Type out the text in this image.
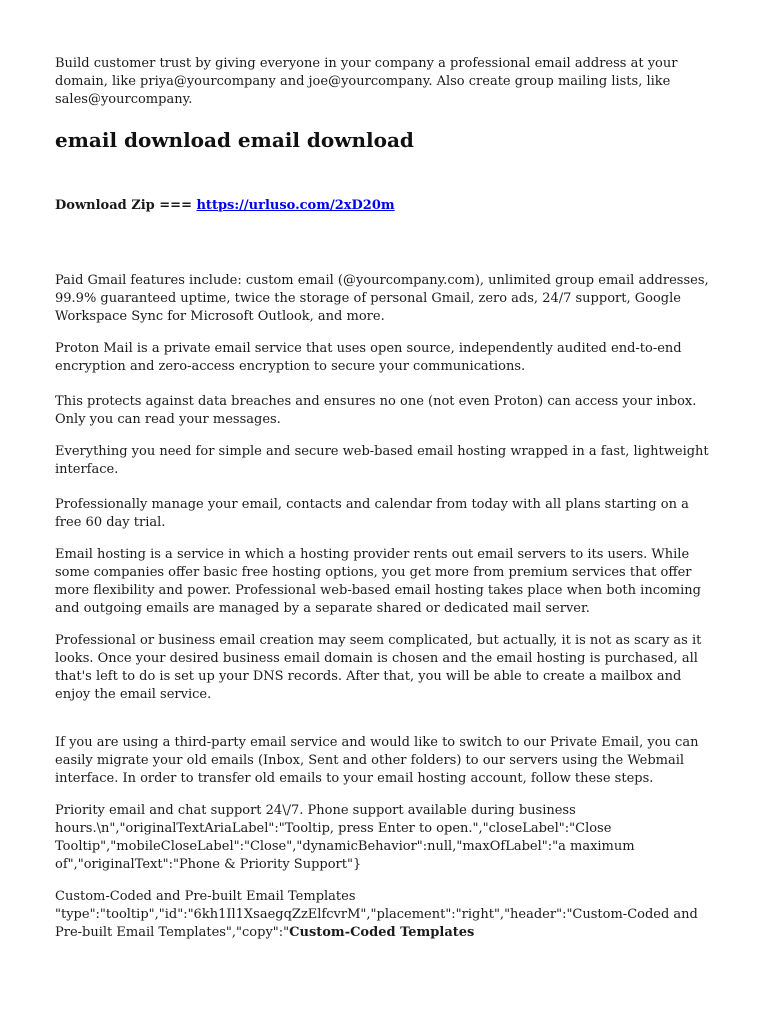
Build customer trust by giving everyone in your company a professional email address at your domain, like priya@yourcompany and joe@yourcompany. Also create group mailing lists, like sales@yourcompany.

email download email download
Download Zip === https://urluso.com/2xD20m

Paid Gmail features include: custom email (@yourcompany.com), unlimited group email addresses, 99.9% guaranteed uptime, twice the storage of personal Gmail, zero ads, 24/7 support, Google Workspace Sync for Microsoft Outlook, and more.

Proton Mail is a private email service that uses open source, independently audited end-to-end encryption and zero-access encryption to secure your communications.

This protects against data breaches and ensures no one (not even Proton) can access your inbox. Only you can read your messages.

Everything you need for simple and secure web-based email hosting wrapped in a fast, lightweight interface.

Professionally manage your email, contacts and calendar from today with all plans starting on a free 60 day trial.

Email hosting is a service in which a hosting provider rents out email servers to its users. While some companies offer basic free hosting options, you get more from premium services that offer more flexibility and power. Professional web-based email hosting takes place when both incoming and outgoing emails are managed by a separate shared or dedicated mail server.

Professional or business email creation may seem complicated, but actually, it is not as scary as it looks. Once your desired business email domain is chosen and the email hosting is purchased, all that's left to do is set up your DNS records. After that, you will be able to create a mailbox and enjoy the email service.

If you are using a third-party email service and would like to switch to our Private Email, you can easily migrate your old emails (Inbox, Sent and other folders) to our servers using the Webmail interface. In order to transfer old emails to your email hosting account, follow these steps.

Priority email and chat support 24\/7. Phone support available during business hours.\n","originalTextAriaLabel":"Tooltip, press Enter to open.","closeLabel":"Close Tooltip","mobileCloseLabel":"Close","dynamicBehavior":null,"maxOfLabel":"a maximum of","originalText":"Phone & Priority Support"}

Custom-Coded and Pre-built Email Templates "type":"tooltip","id":"6kh1Il1XsaegqZzElfcvrM","placement":"right","header":"Custom-Coded and Pre-built Email Templates","copy":"Custom-Coded Templates
